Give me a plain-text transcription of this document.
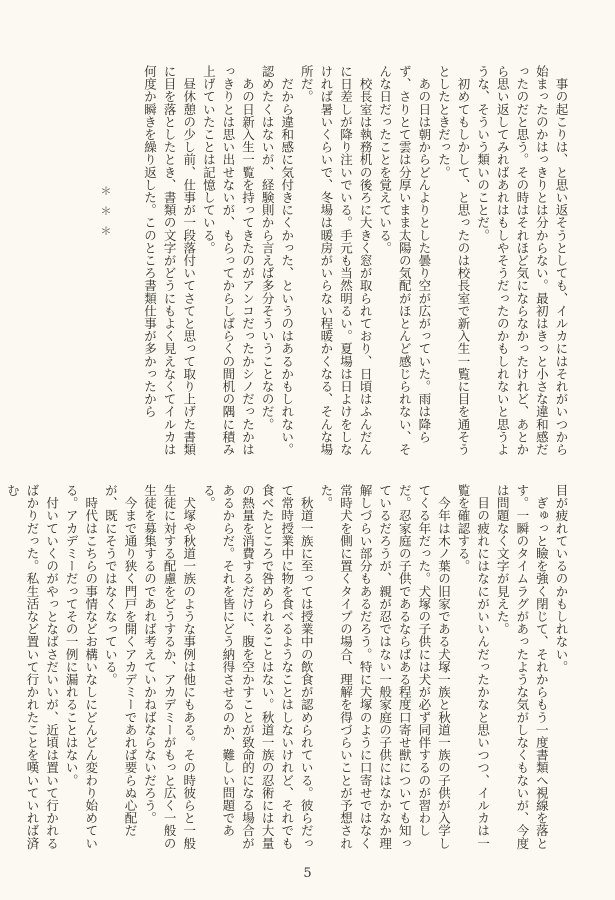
　事の起こりは、と思い返そうとしても、イルカにはそれがいつから始まったのかはっきりとは分からない。最初はきっと小さな違和感だったのだと思う。その時はそれほど気にならなかったけれど、あとから思い返してみればあれはもしやそうだったのかもしれないと思うような、そういう類いのことだ。

　初めてもしかして、と思ったのは校長室で新入生一覧に目を通そうとしたときだった。

　あの日は朝からどんよりとした曇り空が広がっていた。雨は降らず、さりとて雲は分厚いまま太陽の気配がほとんど感じられない、そんな日だったことを覚えている。

　校長室は執務机の後ろに大きく窓が取られており、日頃はふんだんに日差しが降り注いでいる。手元も当然明るい。夏場は日よけをしなければ暑いくらいで、冬場は暖房がいらない程暖かくなる、そんな場所だ。

　だから違和感に気付きにくかった、というのはあるかもしれない。認めたくはないが、経験則から言えば多分そういうことなのだ。

　あの日新入生一覧を持ってきたのがアンコだったかシノだったかはっきりとは思い出せないが、もらってからしばらくの間机の隅に積み上げていたことは記憶している。

　昼休憩の少し前、仕事が一段落付いてさてと思って取り上げた書類に目を落としたとき、書類の文字がどうにもよく見えなくてイルカは何度か瞬きを繰り返した。このところ書類仕事が多かったから

＊＊＊

目が疲れているのかもしれない。

　ぎゅっと瞼を強く閉じて、それからもう一度書類へ視線を落とす。一瞬のタイムラグがあったような気がしなくもないが、今度は問題なく文字が見えた。

　目の疲れにはなにがいいんだったかなと思いつつ、イルカは一覧を確認する。

　今年は木ノ葉の旧家である犬塚一族と秋道一族の子供が入学してくる年だった。犬塚の子供には犬が必ず同伴するのが習わしだ。忍家庭の子供であるならばある程度口寄せ獣についても知っているだろうが、親が忍ではない一般家庭の子供にはなかなか理解しづらい部分もあるだろう。特に犬塚のように口寄せではなく常時犬を側に置くタイプの場合、理解を得づらいことが予想された。

　秋道一族に至っては授業中の飲食が認められている。彼らだって常時授業中に物を食べるようなことはしないけれど、それでも食べたところで咎められることはない。秋道一族の忍術には大量の熱量を消費するだけに、腹を空かすことが致命的になる場合があるからだ。それを皆にどう納得させるのか、難しい問題である。

　犬塚や秋道一族のような事例は他にもある。その時彼らと一般生徒に対する配慮をどうするか、アカデミーがもっと広く一般の生徒を募集するのであれば考えていかねばならないだろう。

　今まで通り狭く門戸を開くアカデミーであれば要らぬ心配だが、既にそうではなくなっている。

　時代はこちらの事情などお構いなしにどんどん変わり始めている。アカデミーだってその一例に漏れることはない。

　付いていくのがやっとなばさだいいが、近頃は置いて行かれるばかりだった。私生活など置いて行かれたことを嘆いていれば済む

5
